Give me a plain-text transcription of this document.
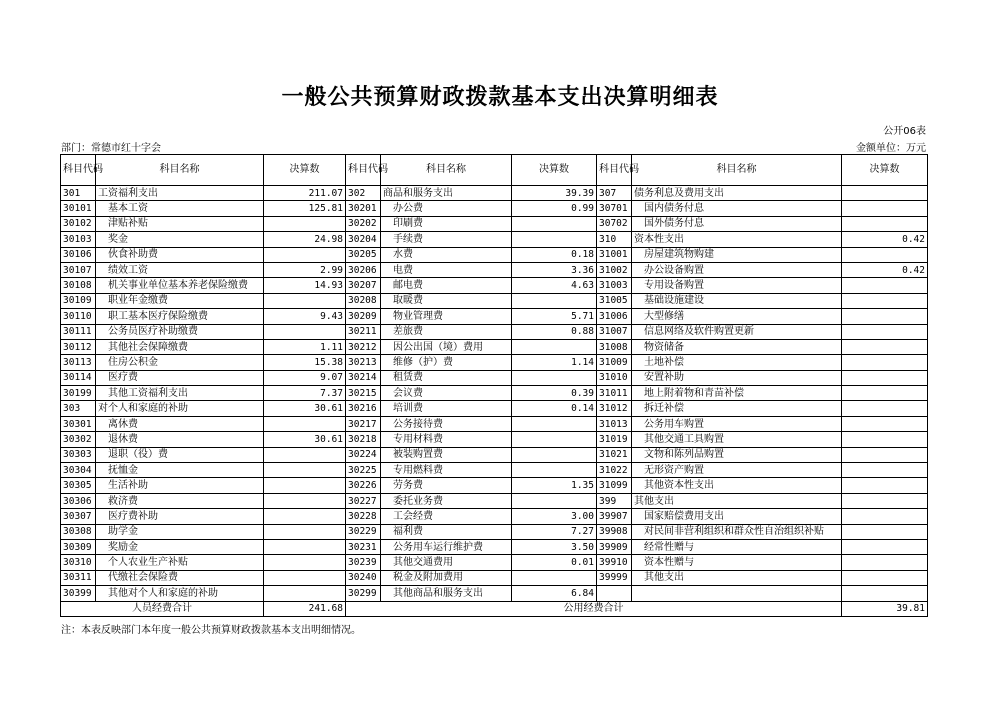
一般公共预算财政拨款基本支出决算明细表
公开06表
部门：常德市红十字会	金额单位：万元
科目代码	科目名称	决算数	科目代码	科目名称	决算数	科目代码	科目名称	决算数
301	工资福利支出	211.07	302	商品和服务支出	39.39	307	债务利息及费用支出	
30101	基本工资	125.81	30201	办公费	0.99	30701	国内债务付息	
30102	津贴补贴		30202	印刷费		30702	国外债务付息	
30103	奖金	24.98	30204	手续费		310	资本性支出	0.42
30106	伙食补助费		30205	水费	0.18	31001	房屋建筑物购建	
30107	绩效工资	2.99	30206	电费	3.36	31002	办公设备购置	0.42
30108	机关事业单位基本养老保险缴费	14.93	30207	邮电费	4.63	31003	专用设备购置	
30109	职业年金缴费		30208	取暖费		31005	基础设施建设	
30110	职工基本医疗保险缴费	9.43	30209	物业管理费	5.71	31006	大型修缮	
30111	公务员医疗补助缴费		30211	差旅费	0.88	31007	信息网络及软件购置更新	
30112	其他社会保障缴费	1.11	30212	因公出国（境）费用		31008	物资储备	
30113	住房公积金	15.38	30213	维修（护）费	1.14	31009	土地补偿	
30114	医疗费	9.07	30214	租赁费		31010	安置补助	
30199	其他工资福利支出	7.37	30215	会议费	0.39	31011	地上附着物和青苗补偿	
303	对个人和家庭的补助	30.61	30216	培训费	0.14	31012	拆迁补偿	
30301	离休费		30217	公务接待费		31013	公务用车购置	
30302	退休费	30.61	30218	专用材料费		31019	其他交通工具购置	
30303	退职（役）费		30224	被装购置费		31021	文物和陈列品购置	
30304	抚恤金		30225	专用燃料费		31022	无形资产购置	
30305	生活补助		30226	劳务费	1.35	31099	其他资本性支出	
30306	救济费		30227	委托业务费		399	其他支出	
30307	医疗费补助		30228	工会经费	3.00	39907	国家赔偿费用支出	
30308	助学金		30229	福利费	7.27	39908	对民间非营利组织和群众性自治组织补贴	
30309	奖励金		30231	公务用车运行维护费	3.50	39909	经常性赠与	
30310	个人农业生产补贴		30239	其他交通费用	0.01	39910	资本性赠与	
30311	代缴社会保险费		30240	税金及附加费用		39999	其他支出	
30399	其他对个人和家庭的补助		30299	其他商品和服务支出	6.84			
人员经费合计		241.68	公用经费合计					39.81
注：本表反映部门本年度一般公共预算财政拨款基本支出明细情况。
